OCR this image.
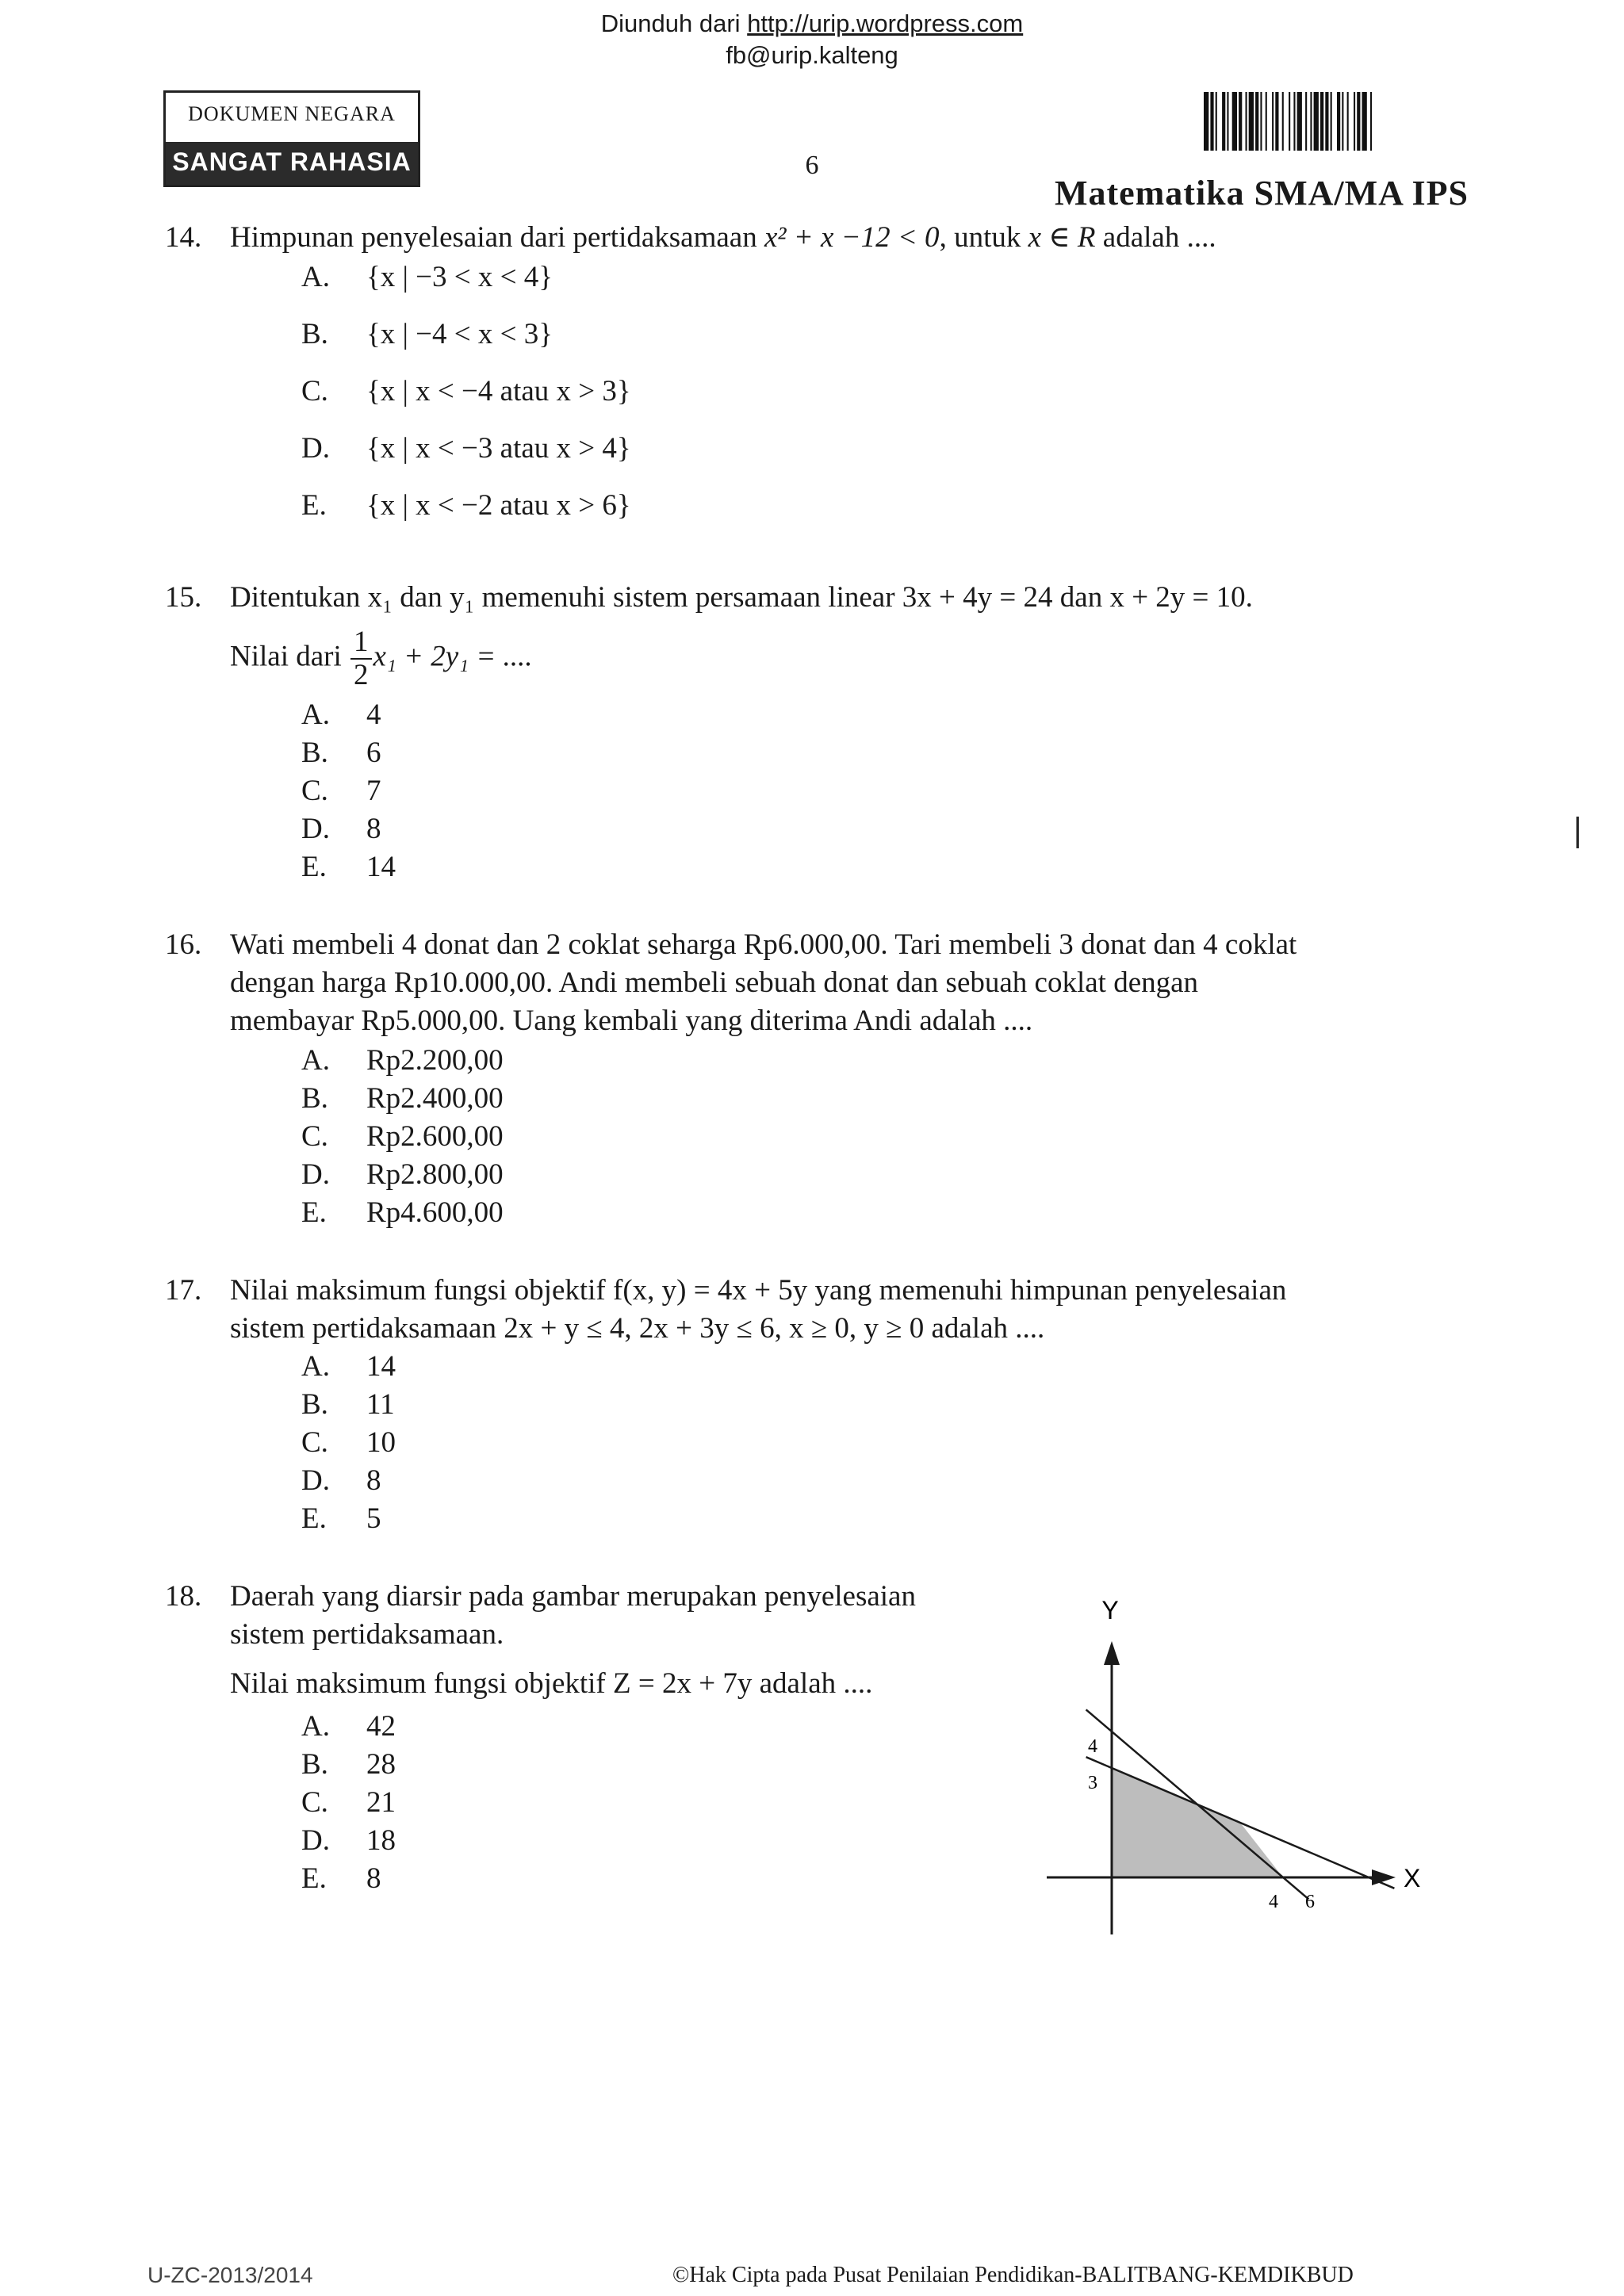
Diunduh dari http://urip.wordpress.com
fb@urip.kalteng
DOKUMEN NEGARA
SANGAT RAHASIA	6
Matematika SMA/MA IPS
14. Himpunan penyelesaian dari pertidaksamaan x² + x −12 < 0, untuk x ∈ R adalah ....
A. {x | −3 < x < 4}
B. {x | −4 < x < 3}
C. {x | x < −4 atau x > 3}
D. {x | x < −3 atau x > 4}
E. {x | x < −2 atau x > 6}
15. Ditentukan x₁ dan y₁ memenuhi sistem persamaan linear 3x + 4y = 24 dan x + 2y = 10.
Nilai dari $\frac{1}{2} x_1 + 2y_1$ = ....
A. 4
B. 6
C. 7
D. 8
E. 14
16. Wati membeli 4 donat dan 2 coklat seharga Rp6.000,00. Tari membeli 3 donat dan 4 coklat
dengan harga Rp10.000,00. Andi membeli sebuah donat dan sebuah coklat dengan
membayar Rp5.000,00. Uang kembali yang diterima Andi adalah ....
A. Rp2.200,00
B. Rp2.400,00
C. Rp2.600,00
D. Rp2.800,00
E. Rp4.600,00
17. Nilai maksimum fungsi objektif f(x, y) = 4x + 5y yang memenuhi himpunan penyelesaian
sistem pertidaksamaan 2x + y ≤ 4, 2x + 3y ≤ 6, x ≥ 0, y ≥ 0 adalah ....
A. 14
B. 11
C. 10
D. 8
E. 5
18. Daerah yang diarsir pada gambar merupakan penyelesaian
sistem pertidaksamaan.
Nilai maksimum fungsi objektif Z = 2x + 7y adalah ....
A. 42
B. 28
C. 21
D. 18
E. 8
Y
X
4
3
4 6
U-ZC-2013/2014	©Hak Cipta pada Pusat Penilaian Pendidikan-BALITBANG-KEMDIKBUD
